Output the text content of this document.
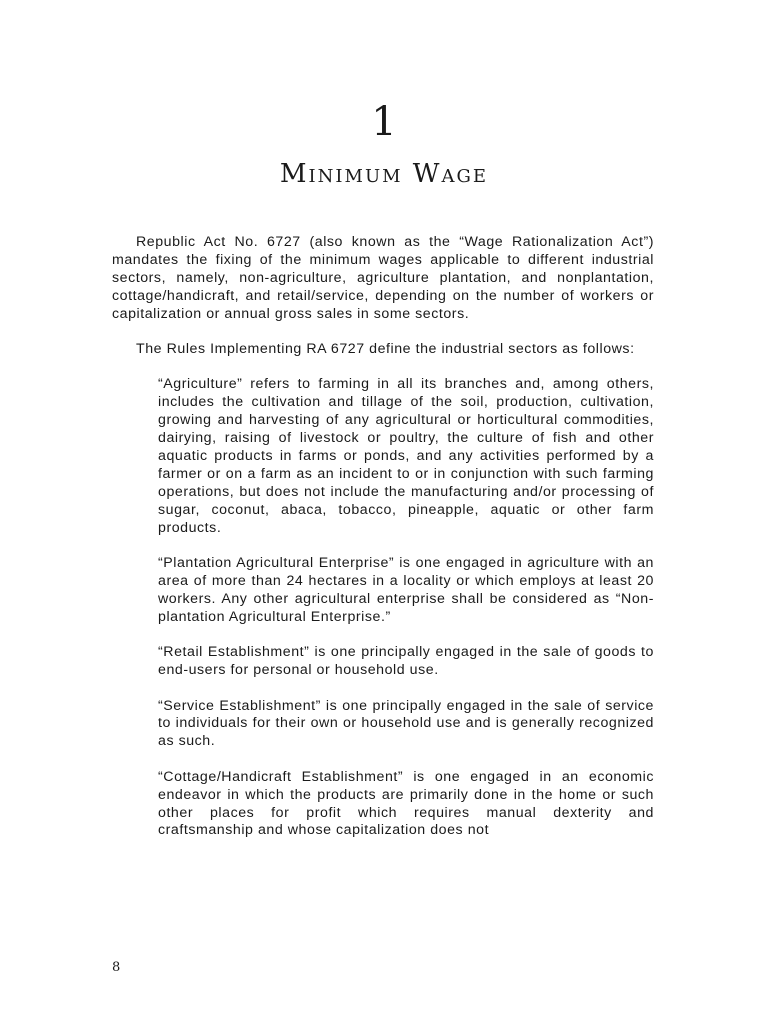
1
Minimum Wage

Republic Act No. 6727 (also known as the “Wage Rationalization Act”) mandates the fixing of the minimum wages applicable to different industrial sectors, namely, non-agriculture, agriculture plantation, and nonplantation, cottage/handicraft, and retail/service, depending on the number of workers or capitalization or annual gross sales in some sectors.

The Rules Implementing RA 6727 define the industrial sectors as follows:

“Agriculture” refers to farming in all its branches and, among others, includes the cultivation and tillage of the soil, production, cultivation, growing and harvesting of any agricultural or horticultural commodities, dairying, raising of livestock or poultry, the culture of fish and other aquatic products in farms or ponds, and any activities performed by a farmer or on a farm as an incident to or in conjunction with such farming operations, but does not include the manufacturing and/or processing of sugar, coconut, abaca, tobacco, pineapple, aquatic or other farm products.

“Plantation Agricultural Enterprise” is one engaged in agriculture with an area of more than 24 hectares in a locality or which employs at least 20 workers. Any other agricultural enterprise shall be considered as “Non-plantation Agricultural Enterprise.”

“Retail Establishment” is one principally engaged in the sale of goods to end-users for personal or household use.

“Service Establishment” is one principally engaged in the sale of service to individuals for their own or household use and is generally recognized as such.

“Cottage/Handicraft Establishment” is one engaged in an economic endeavor in which the products are primarily done in the home or such other places for profit which requires manual dexterity and craftsmanship and whose capitalization does not

8
